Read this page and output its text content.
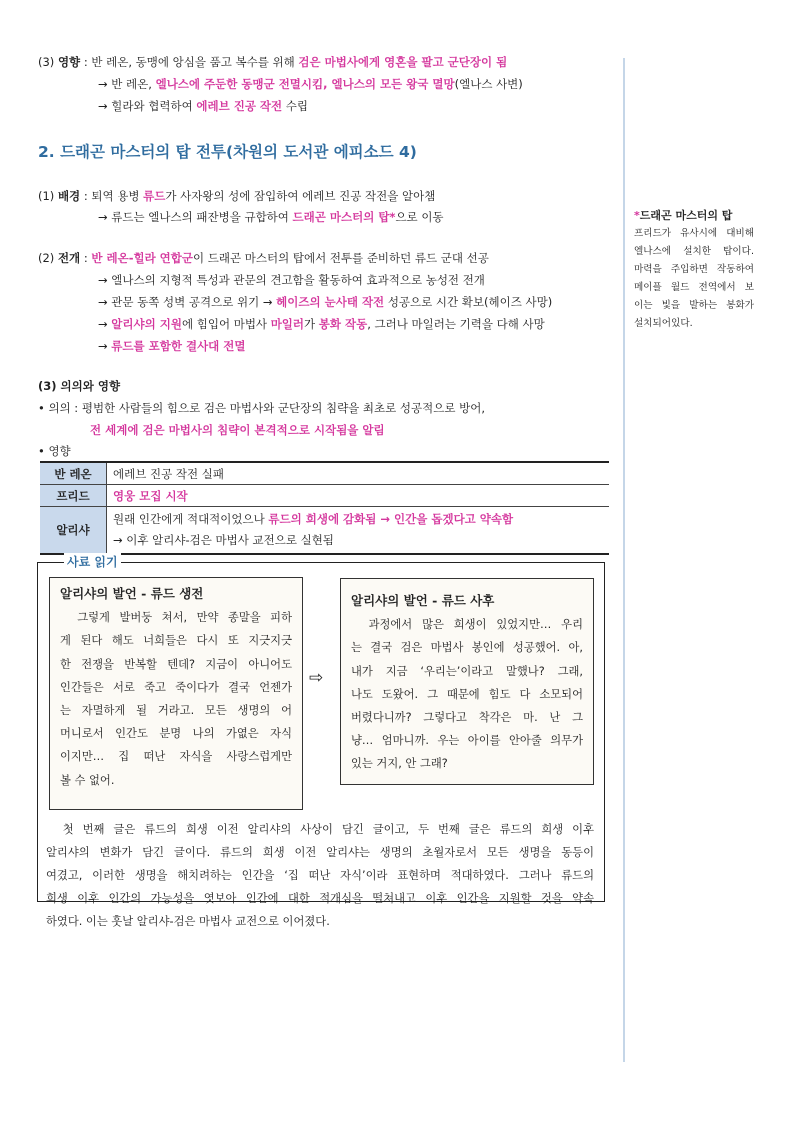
(3) 영향 : 반 레온, 동맹에 앙심을 품고 복수를 위해 검은 마법사에게 영혼을 팔고 군단장이 됨
→ 반 레온, 엘나스에 주둔한 동맹군 전멸시킴, 엘나스의 모든 왕국 멸망(엘나스 사변)
→ 힐라와 협력하여 에레브 진공 작전 수립
2. 드래곤 마스터의 탑 전투(차원의 도서관 에피소드 4)
(1) 배경 : 퇴역 용병 류드가 사자왕의 성에 잠입하여 에레브 진공 작전을 알아챔
→ 류드는 엘나스의 패잔병을 규합하여 드래곤 마스터의 탑*으로 이동
(2) 전개 : 반 레온-힐라 연합군이 드래곤 마스터의 탑에서 전투를 준비하던 류드 군대 선공
→ 엘나스의 지형적 특성과 관문의 견고함을 활동하여 효과적으로 농성전 전개
→ 관문 동쪽 성벽 공격으로 위기 → 헤이즈의 눈사태 작전 성공으로 시간 확보(헤이즈 사망)
→ 알리샤의 지원에 힘입어 마법사 마일러가 봉화 작동, 그러나 마일러는 기력을 다해 사망
→ 류드를 포함한 결사대 전멸
(3) 의의와 영향
• 의의 : 평범한 사람들의 힘으로 검은 마법사와 군단장의 침략을 최초로 성공적으로 방어,
전 세계에 검은 마법사의 침략이 본격적으로 시작됨을 알림
• 영향
반 레온	에레브 진공 작전 실패
프리드	영웅 모집 시작
알리샤	원래 인간에게 적대적이었으나 류드의 희생에 감화됨 → 인간을 돕겠다고 약속함
→ 이후 알리샤-검은 마법사 교전으로 실현됨
사료 읽기
알리샤의 발언 - 류드 생전
　그렇게 발버둥 쳐서, 만약 종말을 피하
게 된다 해도 너희들은 다시 또 지긋지긋
한 전쟁을 반복할 텐데? 지금이 아니어도
인간들은 서로 죽고 죽이다가 결국 언젠가
는 자멸하게 될 거라고. 모든 생명의 어
머니로서 인간도 분명 나의 가엾은 자식
이지만… 집 떠난 자식을 사랑스럽게만
볼 수 없어.
⇨
알리샤의 발언 - 류드 사후
　과정에서 많은 희생이 있었지만… 우리
는 결국 검은 마법사 봉인에 성공했어. 아,
내가 지금 ‘우리는’이라고 말했나? 그래,
나도 도왔어. 그 때문에 힘도 다 소모되어
버렸다니까? 그렇다고 착각은 마. 난 그
냥… 엄마니까. 우는 아이를 안아줄 의무가
있는 거지, 안 그래?
　첫 번째 글은 류드의 희생 이전 알리샤의 사상이 담긴 글이고, 두 번째 글은 류드의 희생 이후
알리샤의 변화가 담긴 글이다. 류드의 희생 이전 알리샤는 생명의 초월자로서 모든 생명을 동등이
여겼고, 이러한 생명을 해치려하는 인간을 ‘집 떠난 자식’이라 표현하며 적대하였다. 그러나 류드의
희생 이후 인간의 가능성을 엿보아 인간에 대한 적개심을 떨쳐내고 이후 인간을 지원할 것을 약속
하였다. 이는 훗날 알리샤-검은 마법사 교전으로 이어졌다.
*드래곤 마스터의 탑
프리드가 유사시에 대비해
엘나스에 설치한 탑이다.
마력을 주입하면 작동하여
메이플 월드 전역에서 보
이는 빛을 발하는 봉화가
설치되어있다.
